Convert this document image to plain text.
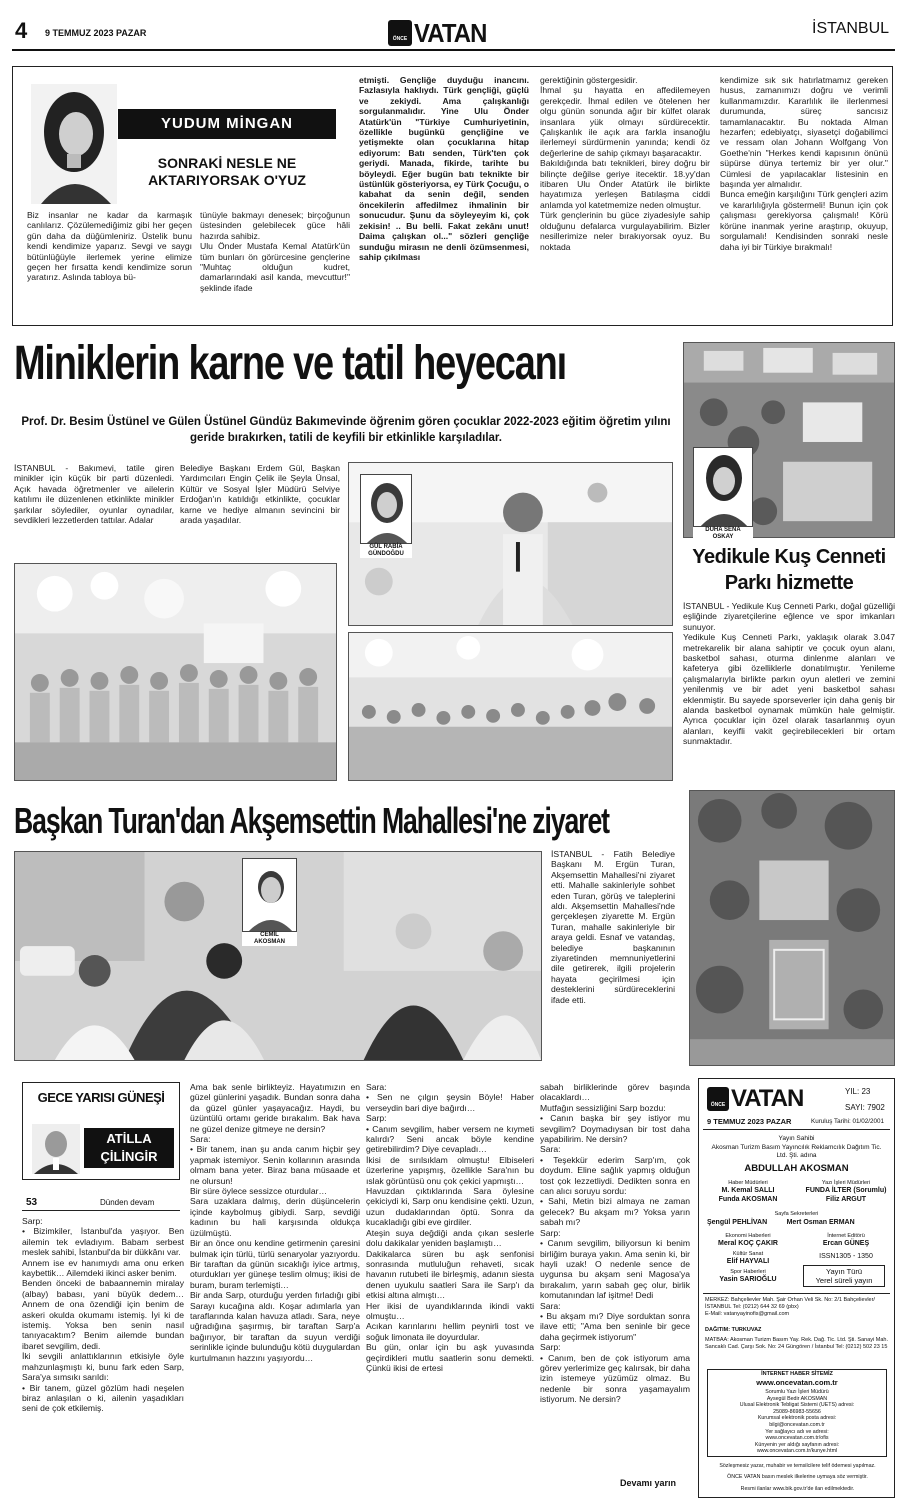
4 9 TEMMUZ 2023 PAZAR
ÖNCE VATAN	İSTANBUL
YUDUM MİNGAN
SONRAKİ NESLE NE
AKTARIYORSAK O'YUZ

Biz insanlar ne kadar da karmaşık canlılarız. Çözülemediğimiz gibi her geçen gün daha da düğümleniriz. Üstelik bunu kendi kendimize yaparız. Sevgi ve saygı bütünlüğüyle ilerlemek yerine elimize geçen her fırsatta kendi kendimize sorun yaratırız. Aslında tabloya bü-

tünüyle bakmayı denesek; birçoğunun üstesinden gelebilecek güce hâli hazırda sahibiz.
Ulu Önder Mustafa Kemal Atatürk'ün tüm bunları ön görürcesine gençlerine "Muhtaç olduğun kudret, damarlarındaki asil kanda, mevcuttur!" şeklinde ifade

etmişti. Gençliğe duyduğu inancını. Fazlasıyla haklıydı. Türk gençliği, güçlü ve zekiydi. Ama çalışkanlığı sorgulanmalıdır. Yine Ulu Önder Atatürk'ün "Türkiye Cumhuriyetinin, özellikle bugünkü gençliğine ve yetişmekte olan çocuklarına hitap ediyorum: Batı senden, Türk'ten çok geriydi. Manada, fikirde, tarihte bu böyleydi. Eğer bugün batı teknikte bir üstünlük gösteriyorsa, ey Türk Çocuğu, o kabahat da senin değil, senden öncekilerin affedilmez ihmalinin bir sonucudur. Şunu da söyleyeyim ki, çok zekisin! .. Bu belli. Fakat zekânı unut! Daima çalışkan ol..." sözleri gençliğe sunduğu mirasın ne denli özümsenmesi, sahip çıkılması

gerektiğinin göstergesidir.
İhmal şu hayatta en affedilemeyen gerekçedir. İhmal edilen ve ötelenen her olgu günün sonunda ağır bir külfet olarak insanlara yük olmayı sürdürecektir. Çalışkanlık ile açık ara farkla insanoğlu ilerlemeyi sürdürmenin yanında; kendi öz değerlerine de sahip çıkmayı başaracaktır.
Bakıldığında batı teknikleri, birey doğru bir bilinçte değilse geriye itecektir. 18.yy'dan itibaren Ulu Önder Atatürk ile birlikte hayatımıza yerleşen Batılaşma ciddi anlamda yol katetmemize neden olmuştur.
Türk gençlerinin bu güce ziyadesiyle sahip olduğunu defalarca vurgulayabilirim. Bizler nesillerimize neler bırakıyorsak oyuz. Bu noktada

kendimize sık sık hatırlatmamız gereken husus, zamanımızı doğru ve verimli kullanmamızdır. Kararlılık ile ilerlenmesi durumunda, süreç sancısız tamamlanacaktır. Bu noktada Alman hezarfen; edebiyatçı, siyasetçi doğabilimci ve ressam olan Johann Wolfgang Von Goethe'nin "Herkes kendi kapısının önünü süpürse dünya tertemiz bir yer olur." Cümlesi de yapılacaklar listesinin en başında yer almalıdır.
Bunca emeğin karşılığını Türk gençleri azim ve kararlılığıyla göstermeli! Bunun için çok çalışması gerekiyorsa çalışmalı! Körü körüne inanmak yerine araştırıp, okuyup, sorgulamalı! Kendisinden sonraki nesle daha iyi bir Türkiye bırakmalı!

Miniklerin karne ve tatil heyecanı
Prof. Dr. Besim Üstünel ve Gülen Üstünel Gündüz Bakımevinde öğrenim gören çocuklar 2022-2023 eğitim öğretim yılını geride bırakırken, tatili de keyfili bir etkinlikle karşıladılar.

İSTANBUL - Bakımevi, tatile giren minikler için küçük bir parti düzenledi. Açık havada öğretmenler ve ailelerin katılımı ile düzenlenen etkinlikte minikler şarkılar söylediler, oyunlar oynadılar, sevdikleri lezzetlerden tattılar. Adalar

Belediye Başkanı Erdem Gül, Başkan Yardımcıları Engin Çelik ile Şeyla Ünsal, Kültür ve Sosyal İşler Müdürü Selviye Erdoğan'ın katıldığı etkinlikte, çocuklar karne ve hediye almanın sevincini bir arada yaşadılar.

GÜL RABİA
GÜNDOĞDU
DUHA SENA
OSKAY
Yedikule Kuş Cenneti
Parkı hizmette

İSTANBUL - Yedikule Kuş Cenneti Parkı, doğal güzelliği eşliğinde ziyaretçilerine eğlence ve spor imkanları sunuyor.
Yedikule Kuş Cenneti Parkı, yaklaşık olarak 3.047 metrekarelik bir alana sahiptir ve çocuk oyun alanı, basketbol sahası, oturma dinlenme alanları ve kafeterya gibi özelliklerle donatılmıştır. Yenileme çalışmalarıyla birlikte parkın oyun aletleri ve zemini yenilenmiş ve bir adet yeni basketbol sahası eklenmiştir. Bu sayede sporseverler için daha geniş bir alanda basketbol oynamak mümkün hale gelmiştir. Ayrıca çocuklar için özel olarak tasarlanmış oyun alanları, keyifli vakit geçirebilecekleri bir ortam sunmaktadır.

Başkan Turan'dan Akşemsettin Mahallesi'ne ziyaret
CEMİL
AKOSMAN

İSTANBUL - Fatih Belediye Başkanı M. Ergün Turan, Akşemsettin Mahallesi'ni ziyaret etti. Mahalle sakinleriyle sohbet eden Turan, görüş ve taleplerini aldı. Akşemsettin Mahallesi'nde gerçekleşen ziyarette M. Ergün Turan, mahalle sakinleriyle bir araya geldi. Esnaf ve vatandaş, belediye başkanının ziyaretinden memnuniyetlerini dile getirerek, ilgili projelerin hayata geçirilmesi için desteklerini sürdüreceklerini ifade etti.

GECE YARISI GÜNEŞİ
ATİLLA
ÇİLİNGİR
53	Dünden devam

Sarp:
• Bizimkiler, İstanbul'da yaşıyor. Ben ailemin tek evladıyım. Babam serbest meslek sahibi, İstanbul'da bir dükkânı var.
Annem ise ev hanımıydı ama onu erken kaybettik… Ailemdeki ikinci asker benim.
Benden önceki de babaannemin miralay (albay) babası, yani büyük dedem… Annem de ona özendiği için benim de askeri okulda okumamı istemiş. İyi ki de istemiş. Yoksa ben senin nasıl tanıyacaktım? Benim ailemde bundan ibaret sevgilim, dedi.
İki sevgili anlattıklarının etkisiyle öyle mahzunlaşmıştı ki, bunu fark eden Sarp, Sara'ya sımsıkı sarıldı:
• Bir tanem, güzel gözlüm hadi neşelen biraz anlaşılan o ki, ailenin yaşadıkları seni de çok etkilemiş.

Ama bak senle birlikteyiz. Hayatımızın en güzel günlerini yaşadık. Bundan sonra daha da güzel günler yaşayacağız. Haydi, bu üzüntülü ortamı geride bırakalım. Bak hava ne güzel denize gitmeye ne dersin?
Sara:
• Bir tanem, inan şu anda canım hiçbir şey yapmak istemiyor. Senin kollarının arasında olmam bana yeter. Biraz bana müsaade et ne olursun!
Bir süre öylece sessizce oturdular…
Sara uzaklara dalmış, derin düşüncelerin içinde kaybolmuş gibiydi. Sarp, sevdiği kadının bu hali karşısında oldukça üzülmüştü.
Bir an önce onu kendine getirmenin çaresini bulmak için türlü, türlü senaryolar yazıyordu. Bir taraftan da günün sıcaklığı iyice artmış, oturdukları yer güneşe teslim olmuş; ikisi de buram, buram terlemişti…
Bir anda Sarp, oturduğu yerden fırladığı gibi Sarayı kucağına aldı. Koşar adımlarla yan taraflarında kalan havuza atladı. Sara, neye uğradığına şaşırmış, bir taraftan Sarp'a bağırıyor, bir taraftan da suyun verdiği serinlikle içinde bulunduğu kötü duygulardan kurtulmanın hazzını yaşıyordu…

Sara:
• Sen ne çılgın şeysin Böyle! Haber verseydin bari diye bağırdı…
Sarp:
• Canım sevgilim, haber versem ne kıymeti kalırdı? Seni ancak böyle kendine getirebilirdim? Diye cevapladı…
İkisi de sırılsıklam olmuştu! Elbiseleri üzerlerine yapışmış, özellikle Sara'nın bu ıslak görüntüsü onu çok çekici yapmıştı…
Havuzdan çıktıklarında Sara öylesine çekiciydi ki, Sarp onu kendisine çekti. Uzun, uzun dudaklarından öptü. Sonra da kucakladığı gibi eve girdiler.
Ateşin suya değdiği anda çıkan seslerle dolu dakikalar yeniden başlamıştı…
Dakikalarca süren bu aşk senfonisi sonrasında mutluluğun rehaveti, sıcak havanın rutubeti ile birleşmiş, adanın siesta denen uyukulu saatleri Sara ile Sarp'ı da etkisi altına almıştı…
Her ikisi de uyandıklarında ikindi vakti olmuştu…
Acıkan karınlarını hellim peynirli tost ve soğuk limonata ile doyurdular.
Bu gün, onlar için bu aşk yuvasında geçirdikleri mutlu saatlerin sonu demekti. Çünkü ikisi de ertesi

sabah birliklerinde görev başında olacaklardı…
Mutfağın sessizliğini Sarp bozdu:
• Canın başka bir şey istiyor mu sevgilim? Doymadıysan bir tost daha yapabilirim. Ne dersin?
Sara:
• Teşekkür ederim Sarp'ım, çok doydum. Eline sağlık yapmış olduğun tost çok lezzetliydi. Dedikten sonra en can alıcı soruyu sordu:
• Sahi, Metin bizi almaya ne zaman gelecek? Bu akşam mı? Yoksa yarın sabah mı?
Sarp:
• Canım sevgilim, biliyorsun ki benim birliğim buraya yakın. Ama senin ki, bir hayli uzak! O nedenle sence de uygunsa bu akşam seni Magosa'ya bırakalım, yarın sabah geç olur, birlik komutanından laf işitme! Dedi
Sara:
• Bu akşam mı? Diye sorduktan sonra ilave etti; "Ama ben seninle bir gece daha geçirmek istiyorum"
Sarp:
• Canım, ben de çok istiyorum ama görev yerlerimize geç kalırsak, bir daha izin istemeye yüzümüz olmaz. Bu nedenle bir sonra yaşamayalım istiyorum. Ne dersin?

Devamı yarın
ÖNCE VATAN	YIL: 23
SAYI: 7902
9 TEMMUZ 2023 PAZAR	Kuruluş Tarihi: 01/02/2001
Yayın Sahibi
Akosman Turizm Basım Yayıncılık Reklamcılık Dağıtım Tic. Ltd. Şti. adına
ABDULLAH AKOSMAN
Haber Müdürleri
M. Kemal SALLI
Funda AKOSMAN
Yazı İşleri Müdürleri
FUNDA İLTER (Sorumlu)
Filiz ARGUT
Sayfa Sekreterleri
Şengül PEHLİVAN          Mert Osman ERMAN
Ekonomi Haberleri
Meral KOÇ ÇAKIR
İnternet Editörü
Ercan GÜNEŞ
Kültür Sanat
Elif HAYVALI
ISSN1305 - 1350
Spor Haberleri
Yasin SARIOĞLU
Yayın Türü
Yerel süreli yayın
MERKEZ: Bahçelievler Mah. Şair Orhan Veli Sk. No: 2/1 Bahçelievler/İSTANBUL Tel: (0212) 644 32 69 (pbx)
E-Mail: vatanyayinofis@gmail.com
DAĞITIM: TURKUVAZ
MATBAA: Akosman Turizm Basım Yay. Rek. Dağ. Tic. Ltd. Şti. Sanayi Mah. Sancaklı Cad. Çarşı Sok. No: 24 Güngören / İstanbul Tel: (0212) 502 23 15
İNTERNET HABER SİTEMİZ
www.oncevatan.com.tr
Sorumlu Yazı İşleri Müdürü
Aysegül Bedir AKOSMAN
Ulusal Elektronik Tebligat Sistemi (UETS) adresi:
25089-86983-55656
Kurumsal elektronik posta adresi:
bilgi@oncevatan.com.tr
Yer sağlayıcı adı ve adresi:
www.oncevatan.com.tr/ofis
Künyenin yer aldığı sayfanın adresi:
www.oncevatan.com.tr/kunye.html
Sözleşmesiz yazar, muhabir ve temsilcilere telif ödemesi yapılmaz.
ÖNCE VATAN basın meslek ilkelerine uymaya söz vermiştir.
Resmi ilanlar www.bik.gov.tr'de ilan edilmektedir.
